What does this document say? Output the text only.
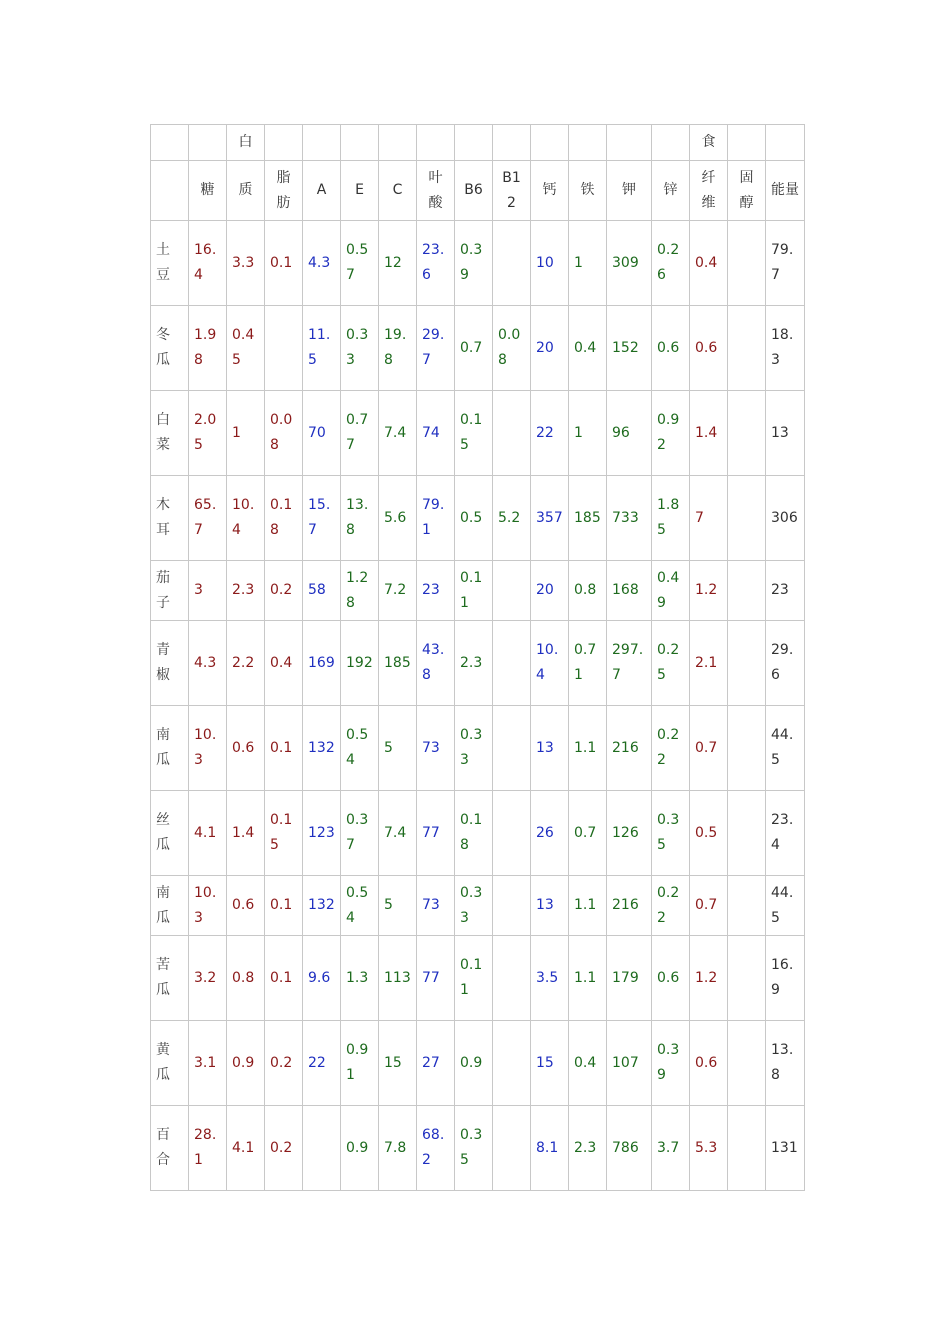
		白												食		
	糖	质	脂肪	A	E	C	叶酸	B6	B12	钙	铁	钾	锌	纤维	固醇	能量
土豆	16.4	3.3	0.1	4.3	0.57	12	23.6	0.39		10	1	309	0.26	0.4		79.7
冬瓜	1.98	0.45		11.5	0.33	19.8	29.7	0.7	0.08	20	0.4	152	0.6	0.6		18.3
白菜	2.05	1	0.08	70	0.77	7.4	74	0.15		22	1	96	0.92	1.4		13
木耳	65.7	10.4	0.18	15.7	13.8	5.6	79.1	0.5	5.2	357	185	733	1.85	7		306
茄子	3	2.3	0.2	58	1.28	7.2	23	0.11		20	0.8	168	0.49	1.2		23
青椒	4.3	2.2	0.4	169	192	185	43.8	2.3		10.4	0.71	297.7	0.25	2.1		29.6
南瓜	10.3	0.6	0.1	132	0.54	5	73	0.33		13	1.1	216	0.22	0.7		44.5
丝瓜	4.1	1.4	0.15	123	0.37	7.4	77	0.18		26	0.7	126	0.35	0.5		23.4
南瓜	10.3	0.6	0.1	132	0.54	5	73	0.33		13	1.1	216	0.22	0.7		44.5
苦瓜	3.2	0.8	0.1	9.6	1.3	113	77	0.11		3.5	1.1	179	0.6	1.2		16.9
黄瓜	3.1	0.9	0.2	22	0.91	15	27	0.9		15	0.4	107	0.39	0.6		13.8
百合	28.1	4.1	0.2		0.9	7.8	68.2	0.35		8.1	2.3	786	3.7	5.3		131
